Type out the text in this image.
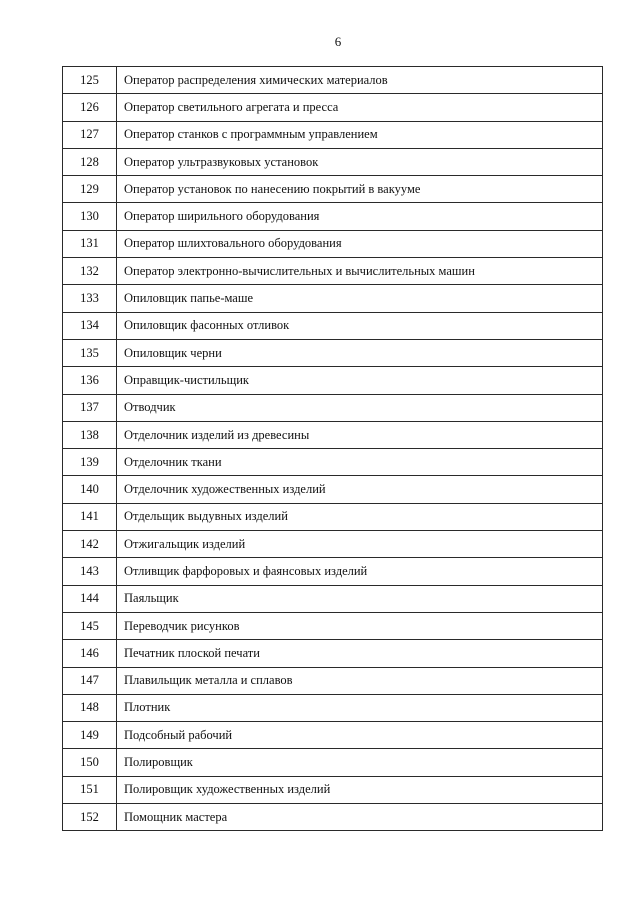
6
125	Оператор распределения химических материалов
126	Оператор светильного агрегата и пресса
127	Оператор станков с программным управлением
128	Оператор ультразвуковых установок
129	Оператор установок по нанесению покрытий в вакууме
130	Оператор ширильного оборудования
131	Оператор шлихтовального оборудования
132	Оператор электронно-вычислительных и вычислительных машин
133	Опиловщик папье-маше
134	Опиловщик фасонных отливок
135	Опиловщик черни
136	Оправщик-чистильщик
137	Отводчик
138	Отделочник изделий из древесины
139	Отделочник ткани
140	Отделочник художественных изделий
141	Отдельщик выдувных изделий
142	Отжигальщик изделий
143	Отливщик фарфоровых и фаянсовых изделий
144	Паяльщик
145	Переводчик рисунков
146	Печатник плоской печати
147	Плавильщик металла и сплавов
148	Плотник
149	Подсобный рабочий
150	Полировщик
151	Полировщик художественных изделий
152	Помощник мастера
